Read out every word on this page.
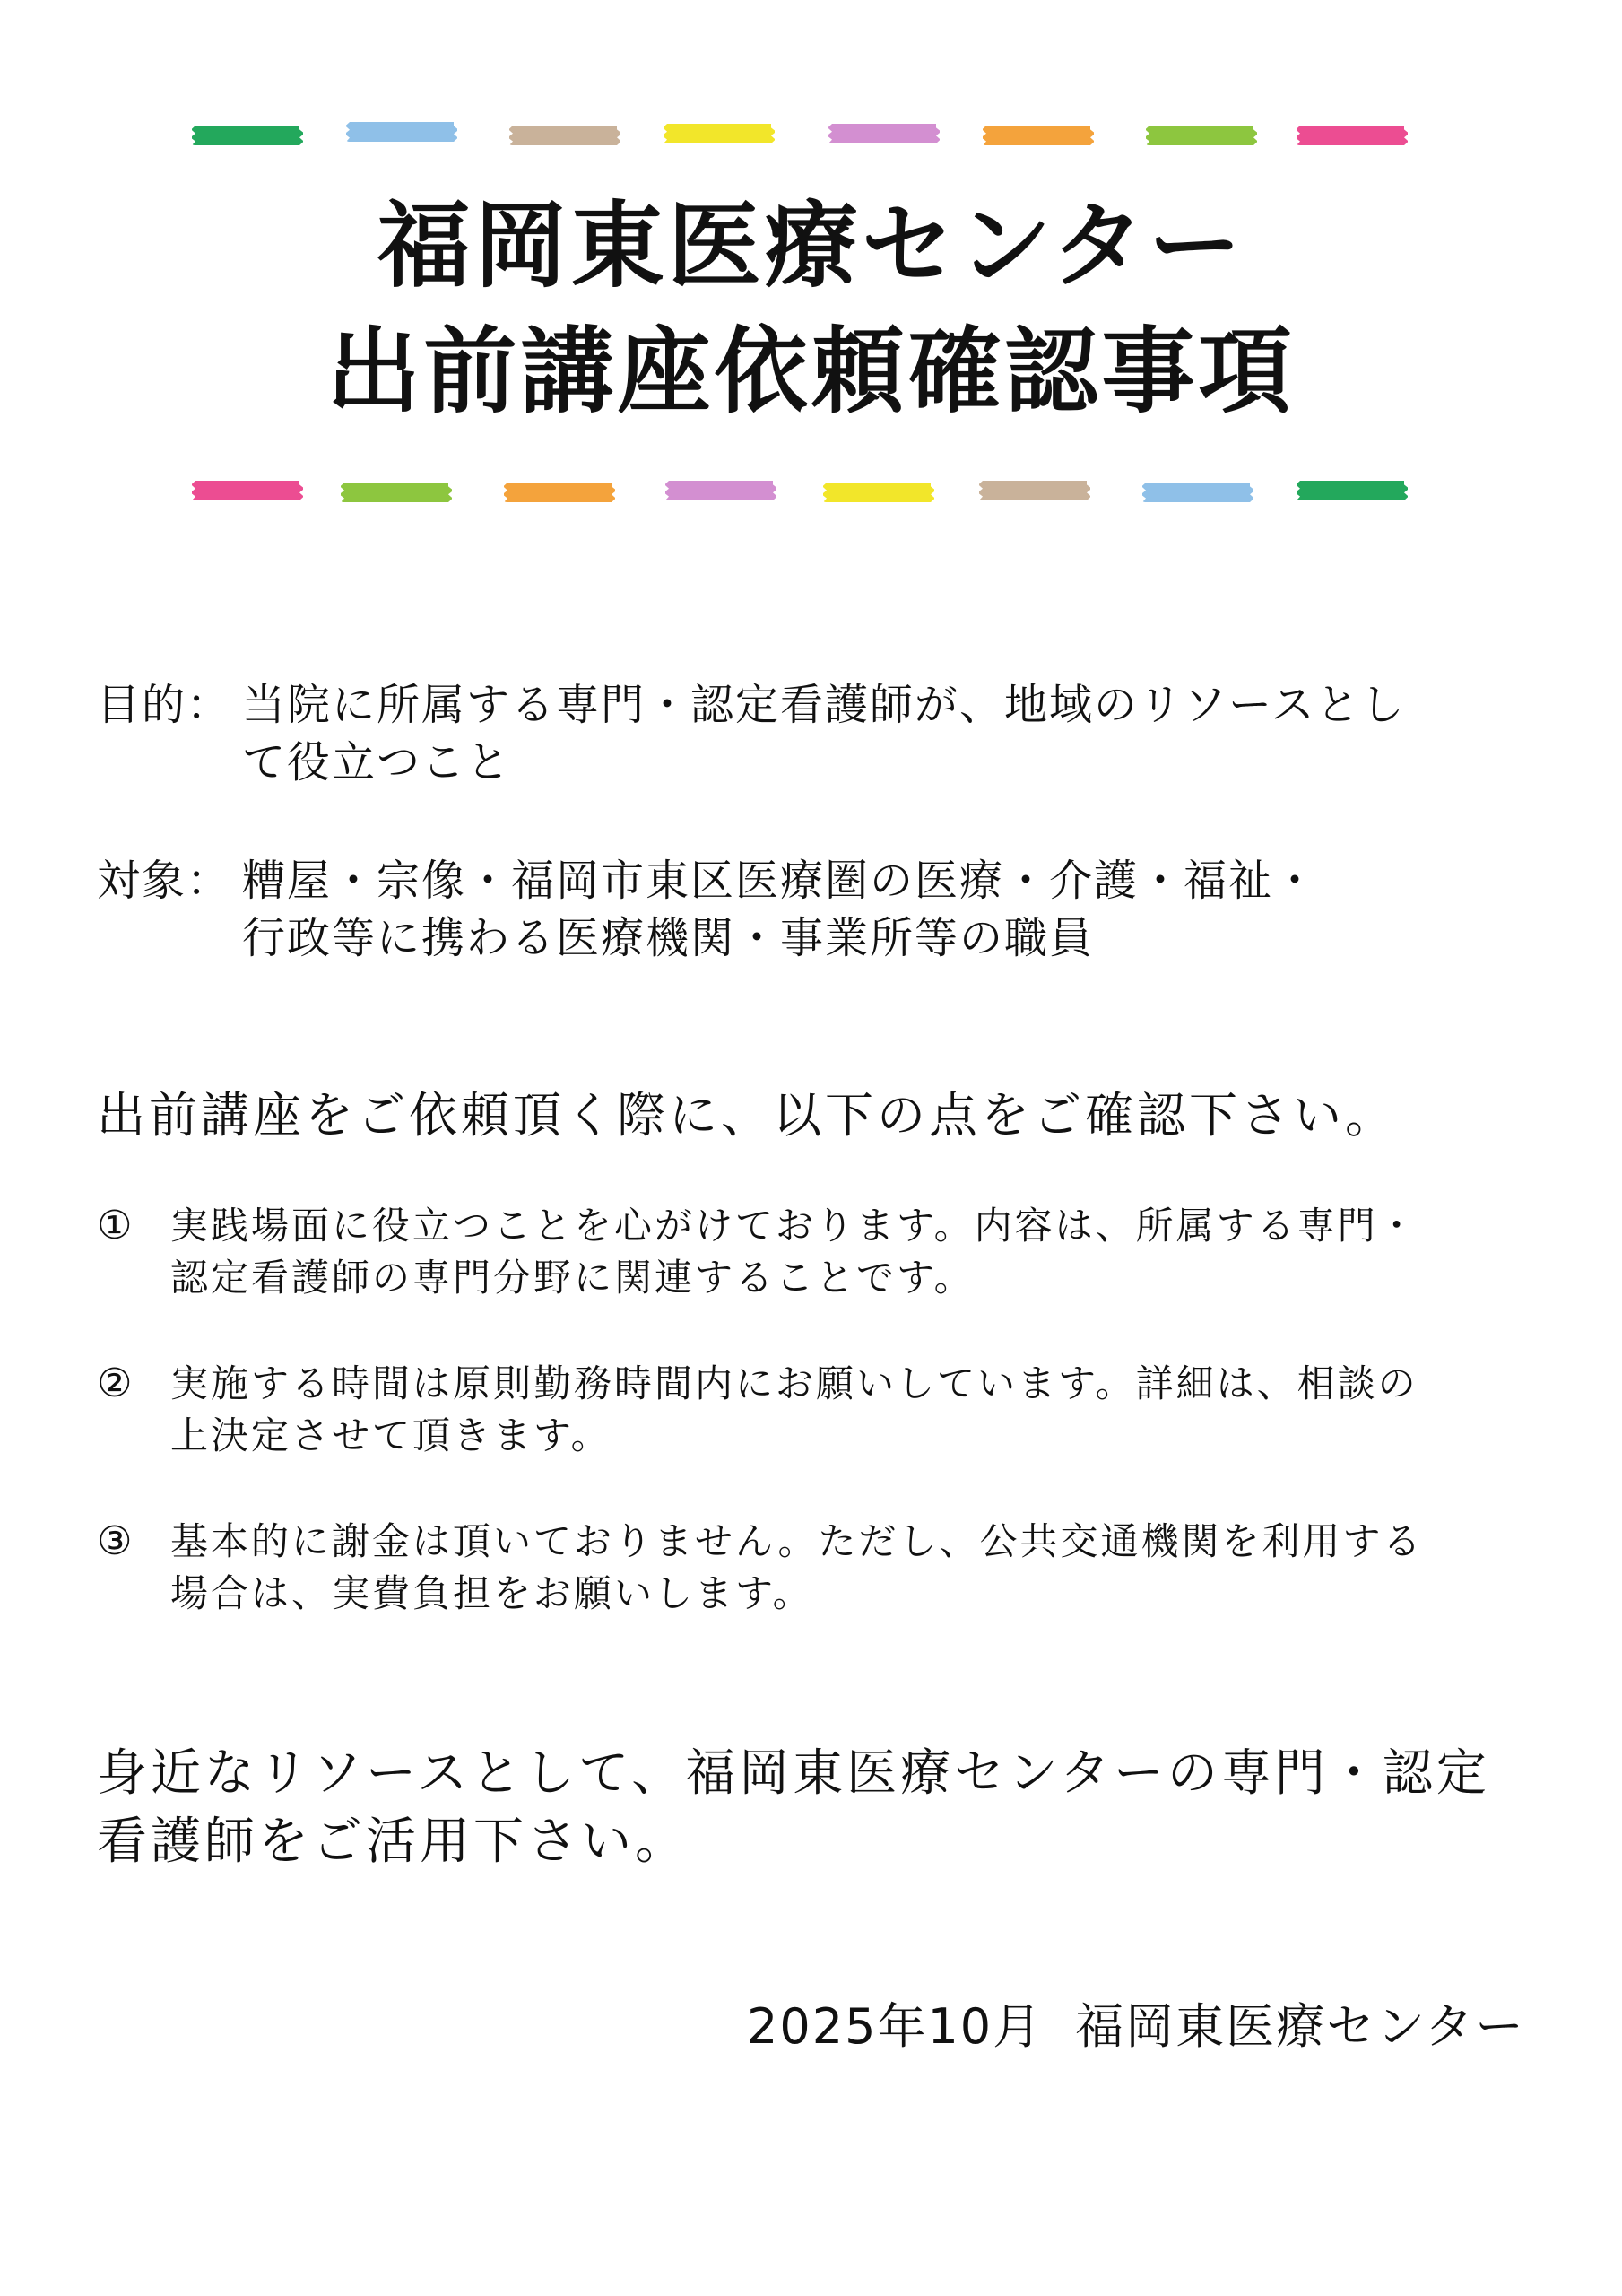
福岡東医療センター
出前講座依頼確認事項
目的： 当院に所属する専門・認定看護師が、地域のリソースとし
て役立つこと
対象： 糟屋・宗像・福岡市東区医療圏の医療・介護・福祉・
行政等に携わる医療機関・事業所等の職員
出前講座をご依頼頂く際に、以下の点をご確認下さい。
① 実践場面に役立つことを心がけております。内容は、所属する専門・
認定看護師の専門分野に関連することです。
② 実施する時間は原則勤務時間内にお願いしています。詳細は、相談の
上決定させて頂きます。
③ 基本的に謝金は頂いておりません。ただし、公共交通機関を利用する
場合は、実費負担をお願いします。
身近なリソースとして、福岡東医療センターの専門・認定
看護師をご活用下さい。
2025年10月 福岡東医療センター
